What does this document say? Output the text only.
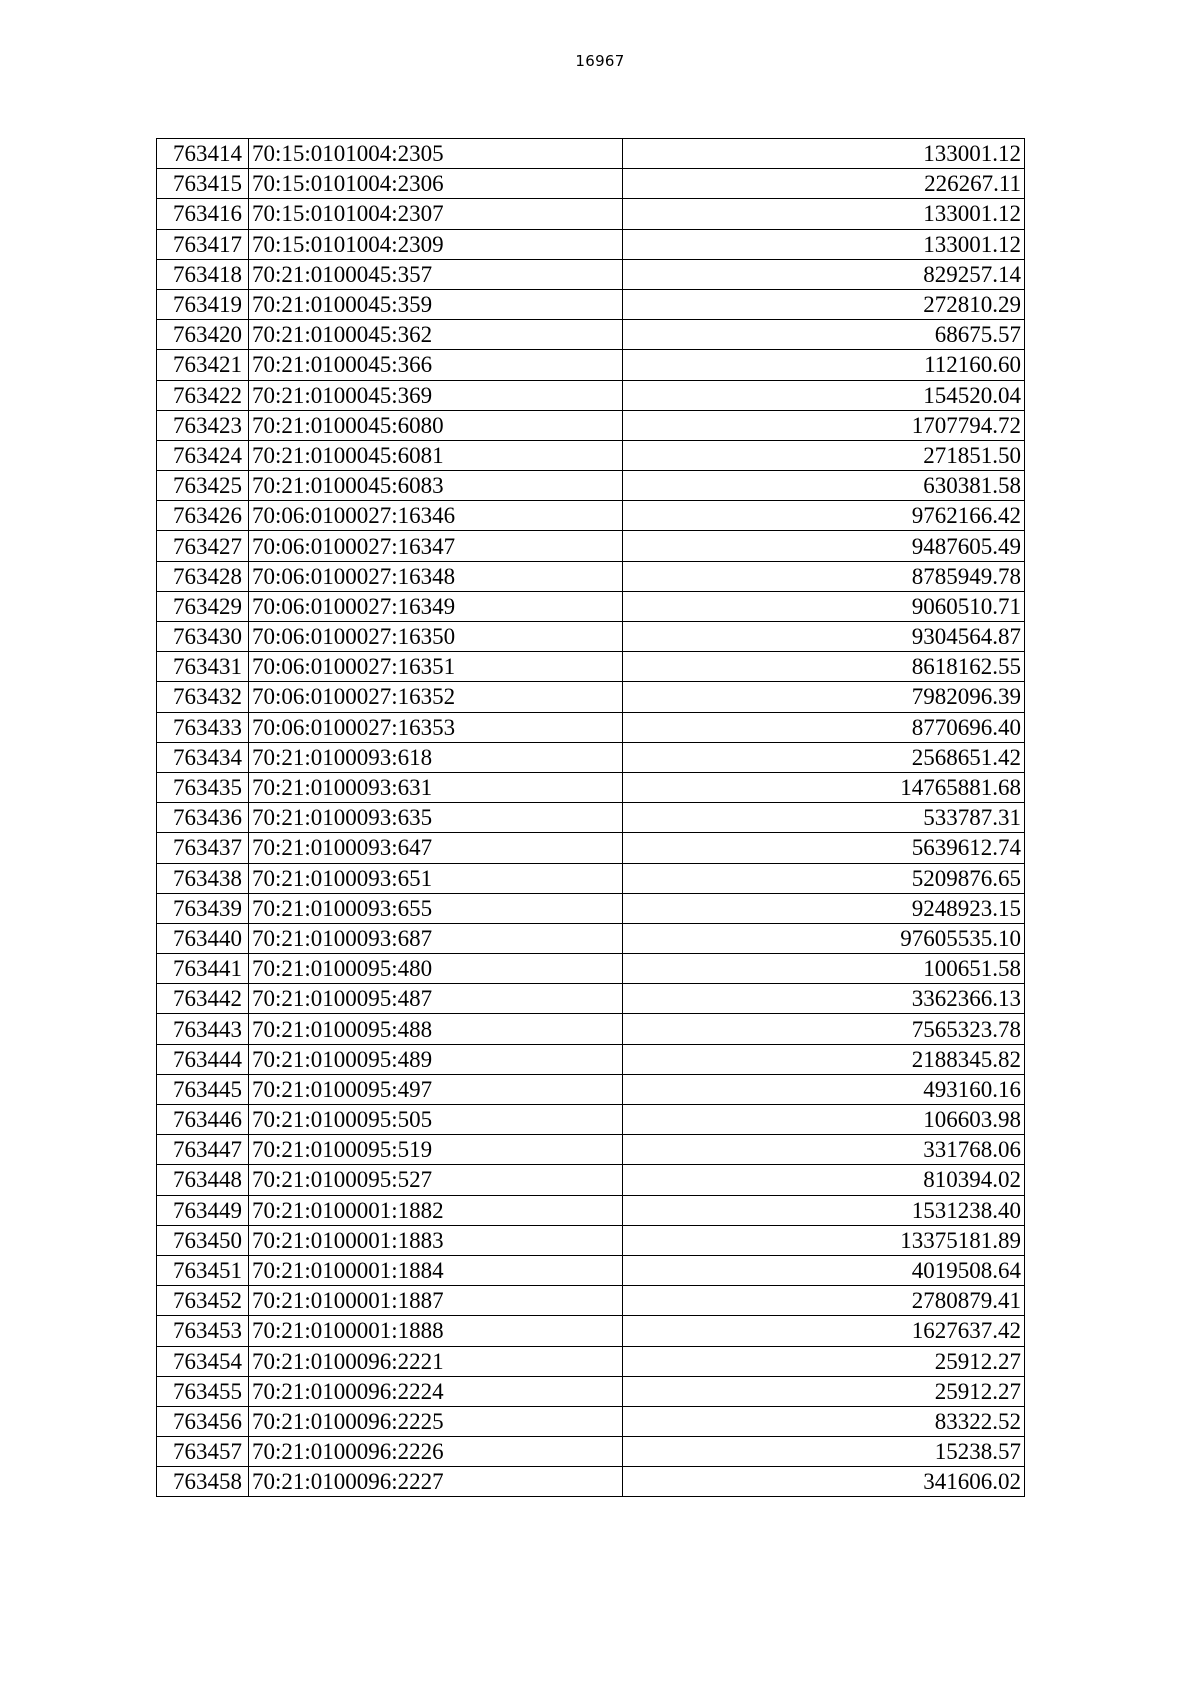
16967
763414	70:15:0101004:2305	133001.12
763415	70:15:0101004:2306	226267.11
763416	70:15:0101004:2307	133001.12
763417	70:15:0101004:2309	133001.12
763418	70:21:0100045:357	829257.14
763419	70:21:0100045:359	272810.29
763420	70:21:0100045:362	68675.57
763421	70:21:0100045:366	112160.60
763422	70:21:0100045:369	154520.04
763423	70:21:0100045:6080	1707794.72
763424	70:21:0100045:6081	271851.50
763425	70:21:0100045:6083	630381.58
763426	70:06:0100027:16346	9762166.42
763427	70:06:0100027:16347	9487605.49
763428	70:06:0100027:16348	8785949.78
763429	70:06:0100027:16349	9060510.71
763430	70:06:0100027:16350	9304564.87
763431	70:06:0100027:16351	8618162.55
763432	70:06:0100027:16352	7982096.39
763433	70:06:0100027:16353	8770696.40
763434	70:21:0100093:618	2568651.42
763435	70:21:0100093:631	14765881.68
763436	70:21:0100093:635	533787.31
763437	70:21:0100093:647	5639612.74
763438	70:21:0100093:651	5209876.65
763439	70:21:0100093:655	9248923.15
763440	70:21:0100093:687	97605535.10
763441	70:21:0100095:480	100651.58
763442	70:21:0100095:487	3362366.13
763443	70:21:0100095:488	7565323.78
763444	70:21:0100095:489	2188345.82
763445	70:21:0100095:497	493160.16
763446	70:21:0100095:505	106603.98
763447	70:21:0100095:519	331768.06
763448	70:21:0100095:527	810394.02
763449	70:21:0100001:1882	1531238.40
763450	70:21:0100001:1883	13375181.89
763451	70:21:0100001:1884	4019508.64
763452	70:21:0100001:1887	2780879.41
763453	70:21:0100001:1888	1627637.42
763454	70:21:0100096:2221	25912.27
763455	70:21:0100096:2224	25912.27
763456	70:21:0100096:2225	83322.52
763457	70:21:0100096:2226	15238.57
763458	70:21:0100096:2227	341606.02
